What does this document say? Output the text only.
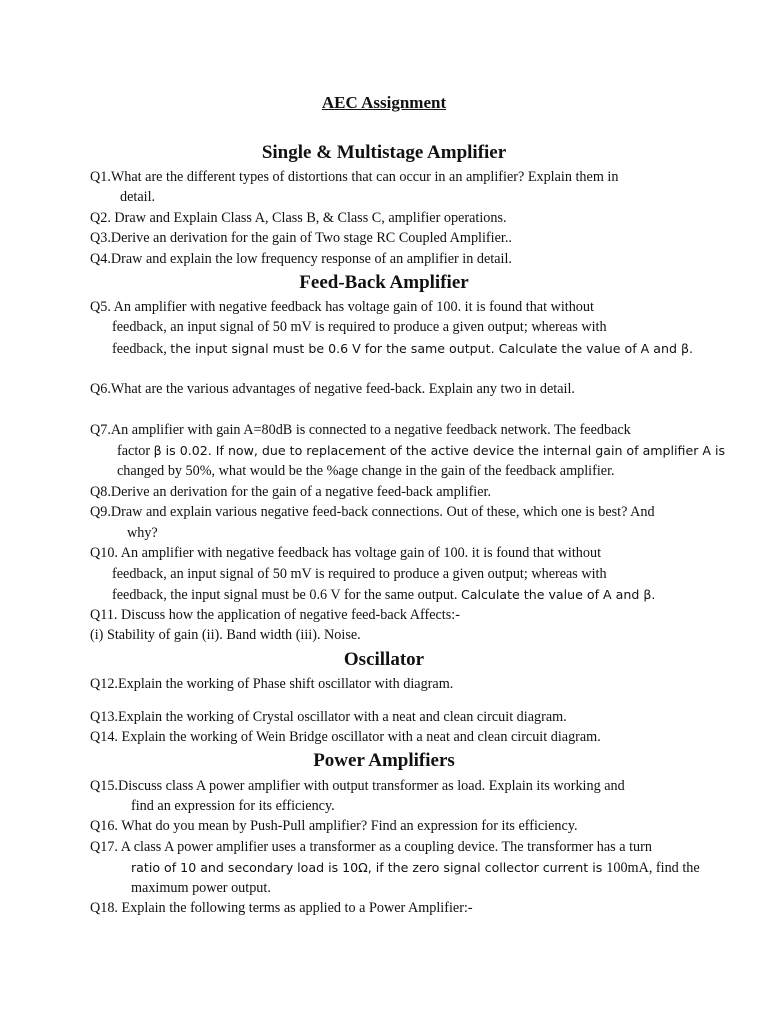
AEC Assignment
Single & Multistage Amplifier

Q1.What are the different types of distortions that can occur in an amplifier? Explain them in

detail.

Q2. Draw and Explain Class A, Class B, & Class C, amplifier operations.

Q3.Derive an derivation for the gain of Two stage RC Coupled Amplifier..

Q4.Draw and explain the low frequency response of an amplifier in detail.

Feed-Back Amplifier

Q5. An amplifier with negative feedback has voltage gain of 100. it is found that without

feedback, an input signal of 50 mV is required to produce a given output; whereas with

feedback, the input signal must be 0.6 V for the same output. Calculate the value of A and β.

Q6.What are the various advantages of negative feed-back. Explain any two in detail.

Q7.An amplifier with gain A=80dB is connected to a negative feedback network. The feedback

factor β is 0.02. If now, due to replacement of the active device the internal gain of amplifier A is

changed by 50%, what would be the %age change in the gain of the feedback amplifier.

Q8.Derive an derivation for the gain of a negative feed-back amplifier.

Q9.Draw and explain various negative feed-back connections. Out of these, which one is best? And

why?

Q10. An amplifier with negative feedback has voltage gain of 100. it is found that without

feedback, an input signal of 50 mV is required to produce a given output; whereas with

feedback, the input signal must be 0.6 V for the same output. Calculate the value of A and β.

Q11. Discuss how the application of negative feed-back Affects:-

(i) Stability of gain (ii). Band width (iii). Noise.

Oscillator

Q12.Explain the working of Phase shift oscillator with diagram.

Q13.Explain the working of Crystal oscillator with a neat and clean circuit diagram.

Q14. Explain the working of Wein Bridge oscillator with a neat and clean circuit diagram.

Power Amplifiers

Q15.Discuss class A power amplifier with output transformer as load. Explain its working and

find an expression for its efficiency.

Q16. What do you mean by Push-Pull amplifier? Find an expression for its efficiency.

Q17. A class A power amplifier uses a transformer as a coupling device. The transformer has a turn

ratio of 10 and secondary load is 10Ω, if the zero signal collector current is 100mA, find the

maximum power output.

Q18. Explain the following terms as applied to a Power Amplifier:-
